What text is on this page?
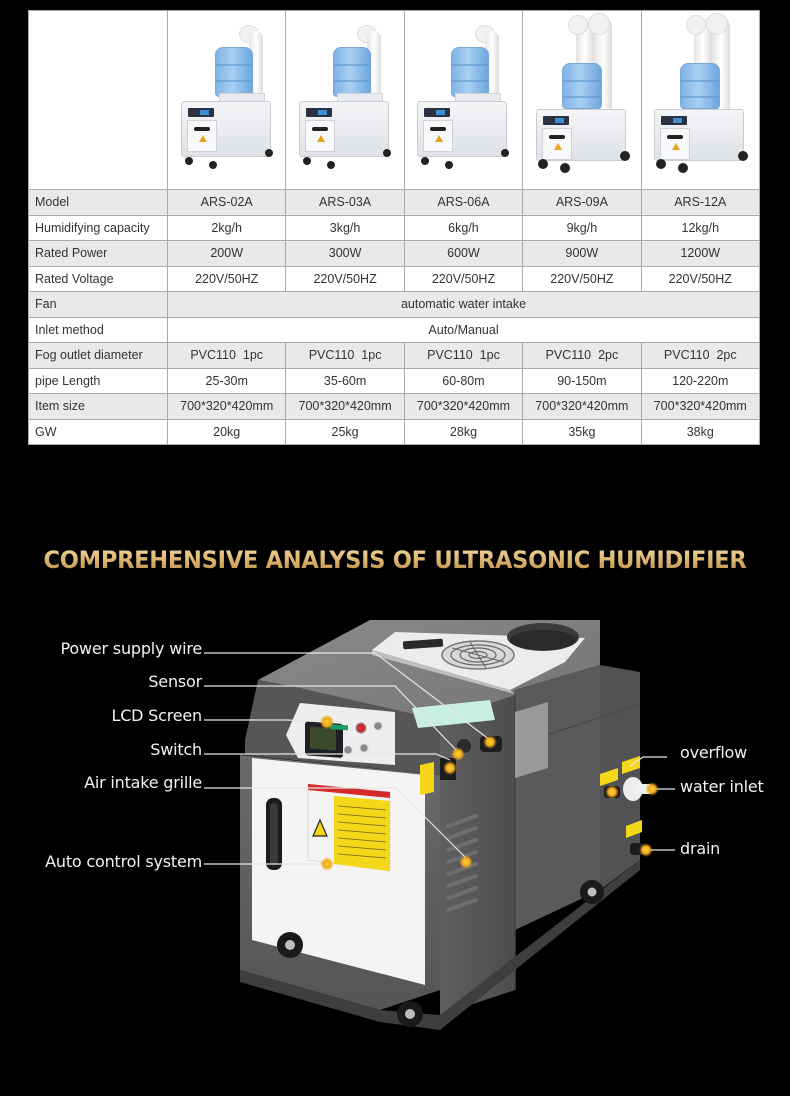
Model	ARS-02A	ARS-03A	ARS-06A	ARS-09A	ARS-12A
Humidifying capacity	2kg/h	3kg/h	6kg/h	9kg/h	12kg/h
Rated Power	200W	300W	600W	900W	1200W
Rated Voltage	220V/50HZ	220V/50HZ	220V/50HZ	220V/50HZ	220V/50HZ
Fan	automatic water intake				
Inlet method	Auto/Manual				
Fog outlet diameter	PVC110  1pc	PVC110  1pc	PVC110  1pc	PVC110  2pc	PVC110  2pc
pipe Length	25-30m	35-60m	60-80m	90-150m	120-220m
Item size	700*320*420mm	700*320*420mm	700*320*420mm	700*320*420mm	700*320*420mm
GW	20kg	25kg	28kg	35kg	38kg
COMPREHENSIVE ANALYSIS OF ULTRASONIC HUMIDIFIER
Power supply wire
Sensor
LCD Screen
Switch
Air intake grille
Auto control system
overflow
water inlet
drain
